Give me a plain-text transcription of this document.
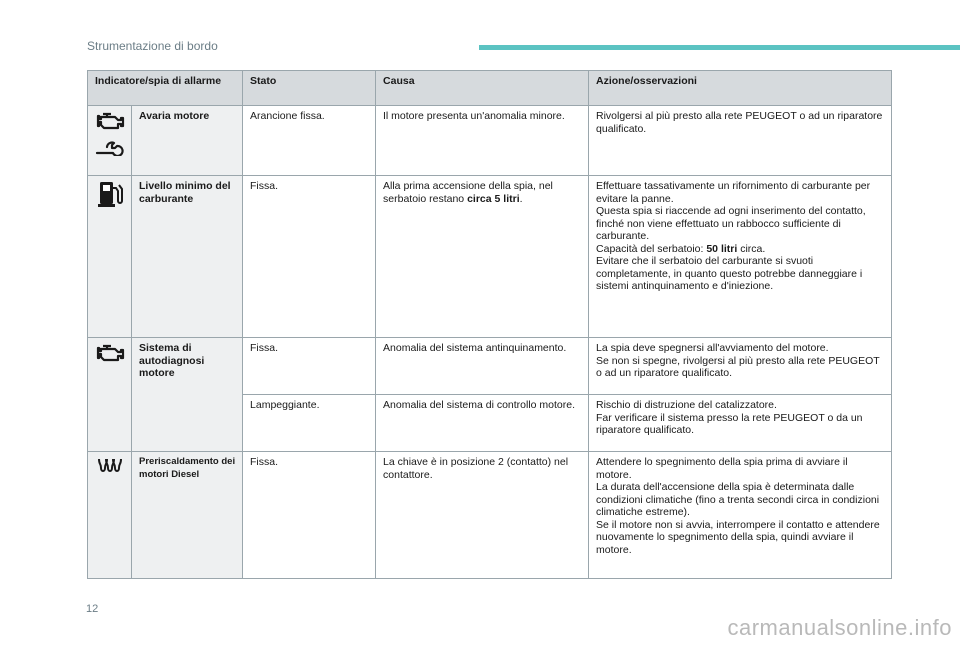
Strumentazione di bordo
Indicatore/spia di allarme		Stato	Causa	Azione/osservazioni

	Avaria motore	Arancione fissa.	Il motore presenta un'anomalia minore.	Rivolgersi al più presto alla rete PEUGEOT o ad un riparatore qualificato.

	Livello minimo del carburante	Fissa.	Alla prima accensione della spia, nel serbatoio restano circa 5 litri.	Effettuare tassativamente un rifornimento di carburante per evitare la panne.
Questa spia si riaccende ad ogni inserimento del contatto, finché non viene effettuato un rabbocco sufficiente di carburante.
Capacità del serbatoio: 50 litri circa.
Evitare che il serbatoio del carburante si svuoti completamente, in quanto questo potrebbe danneggiare i sistemi antinquinamento e d'iniezione.

	Sistema di autodiagnosi motore	Fissa.	Anomalia del sistema antinquinamento.	La spia deve spegnersi all'avviamento del motore.
Se non si spegne, rivolgersi al più presto alla rete PEUGEOT o ad un riparatore qualificato.

		Lampeggiante.	Anomalia del sistema di controllo motore.	Rischio di distruzione del catalizzatore.
Far verificare il sistema presso la rete PEUGEOT o da un riparatore qualificato.

	Preriscaldamento dei motori Diesel	Fissa.	La chiave è in posizione 2 (contatto) nel contattore.	Attendere lo spegnimento della spia prima di avviare il motore.
La durata dell'accensione della spia è determinata dalle condizioni climatiche (fino a trenta secondi circa in condizioni climatiche estreme).
Se il motore non si avvia, interrompere il contatto e attendere nuovamente lo spegnimento della spia, quindi avviare il motore.
12
carmanualsonline.info
